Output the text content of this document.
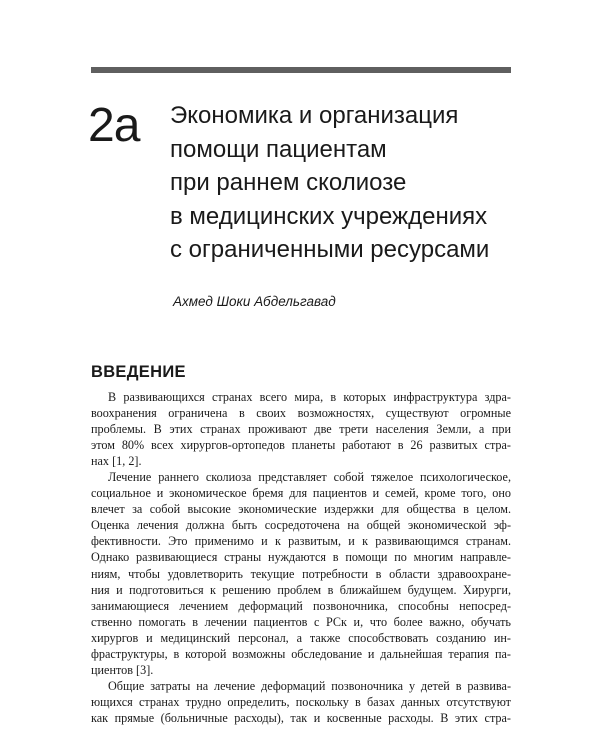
2а Экономика и организация
помощи пациентам
при раннем сколиозе
в медицинских учреждениях
с ограниченными ресурсами
Ахмед Шоки Абдельгавад
ВВЕДЕНИЕ

В развивающихся странах всего мира, в которых инфраструктура здра-
воохранения ограничена в своих возможностях, существуют огромные
проблемы. В этих странах проживают две трети населения Земли, а при
этом 80% всех хирургов-ортопедов планеты работают в 26 развитых стра-
нах [1, 2].

Лечение раннего сколиоза представляет собой тяжелое психологическое,
социальное и экономическое бремя для пациентов и семей, кроме того, оно
влечет за собой высокие экономические издержки для общества в целом.
Оценка лечения должна быть сосредоточена на общей экономической эф-
фективности. Это применимо и к развитым, и к развивающимся странам.
Однако развивающиеся страны нуждаются в помощи по многим направле-
ниям, чтобы удовлетворить текущие потребности в области здравоохране-
ния и подготовиться к решению проблем в ближайшем будущем. Хирурги,
занимающиеся лечением деформаций позвоночника, способны непосред-
ственно помогать в лечении пациентов с РСк и, что более важно, обучать
хирургов и медицинский персонал, а также способствовать созданию ин-
фраструктуры, в которой возможны обследование и дальнейшая терапия па-
циентов [3].

Общие затраты на лечение деформаций позвоночника у детей в развива-
ющихся странах трудно определить, поскольку в базах данных отсутствуют
как прямые (больничные расходы), так и косвенные расходы. В этих стра-
